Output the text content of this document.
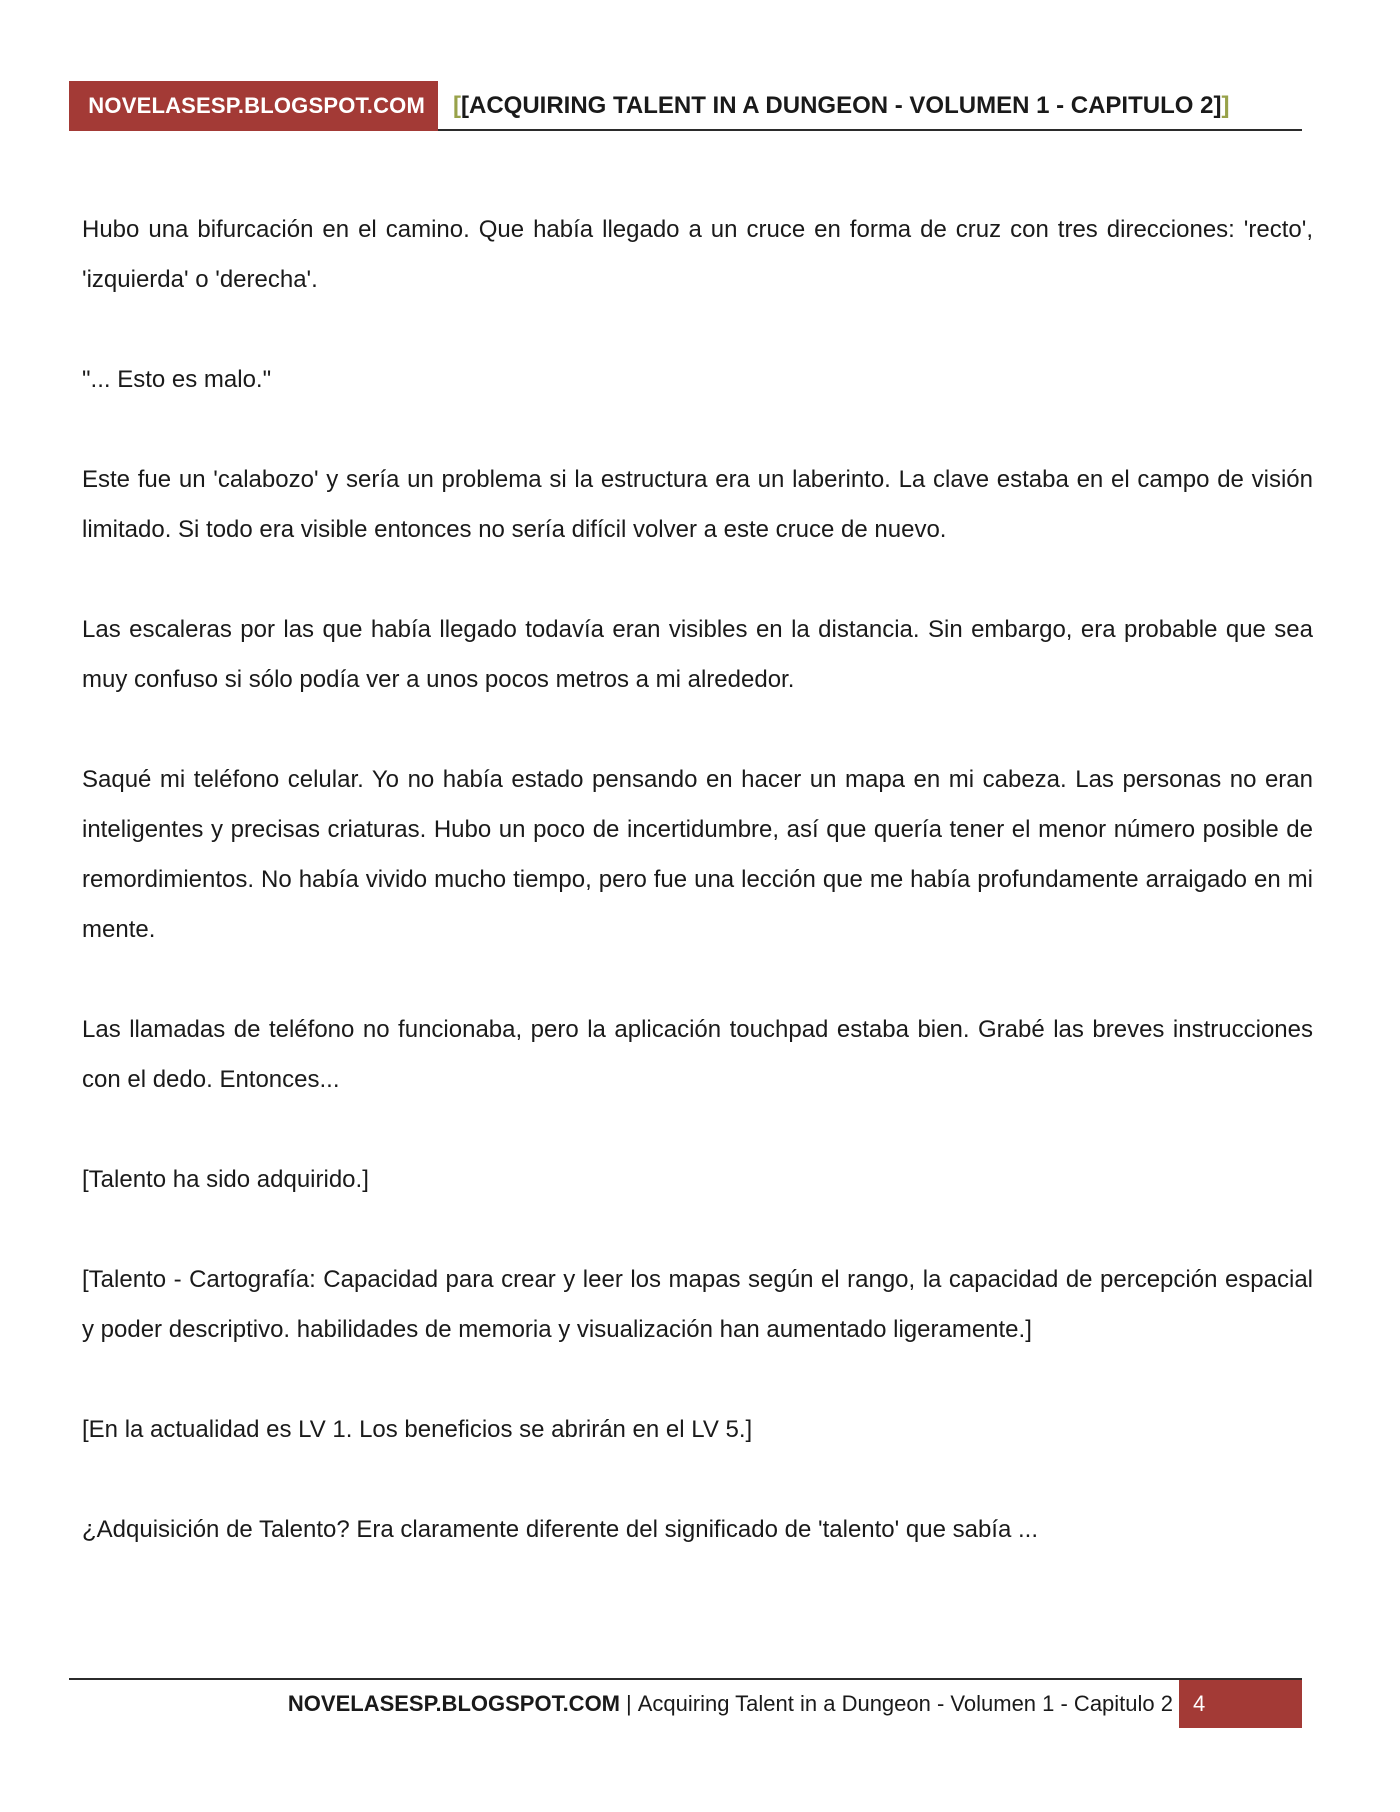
NOVELASESP.BLOGSPOT.COM	[[ACQUIRING TALENT IN A DUNGEON - VOLUMEN 1 - CAPITULO 2]]

Hubo una bifurcación en el camino. Que había llegado a un cruce en forma de cruz con tres direcciones: 'recto', 'izquierda' o 'derecha'.

"... Esto es malo."

Este fue un 'calabozo' y sería un problema si la estructura era un laberinto. La clave estaba en el campo de visión limitado. Si todo era visible entonces no sería difícil volver a este cruce de nuevo.

Las escaleras por las que había llegado todavía eran visibles en la distancia. Sin embargo, era probable que sea muy confuso si sólo podía ver a unos pocos metros a mi alrededor.

Saqué mi teléfono celular. Yo no había estado pensando en hacer un mapa en mi cabeza. Las personas no eran inteligentes y precisas criaturas. Hubo un poco de incertidumbre, así que quería tener el menor número posible de remordimientos. No había vivido mucho tiempo, pero fue una lección que me había profundamente arraigado en mi mente.

Las llamadas de teléfono no funcionaba, pero la aplicación touchpad estaba bien. Grabé las breves instrucciones con el dedo. Entonces...

[Talento ha sido adquirido.]

[Talento - Cartografía: Capacidad para crear y leer los mapas según el rango, la capacidad de percepción espacial y poder descriptivo. habilidades de memoria y visualización han aumentado ligeramente.]

[En la actualidad es LV 1. Los beneficios se abrirán en el LV 5.]

¿Adquisición de Talento? Era claramente diferente del significado de 'talento' que sabía ...

NOVELASESP.BLOGSPOT.COM | Acquiring Talent in a Dungeon - Volumen 1 - Capitulo 2 4
